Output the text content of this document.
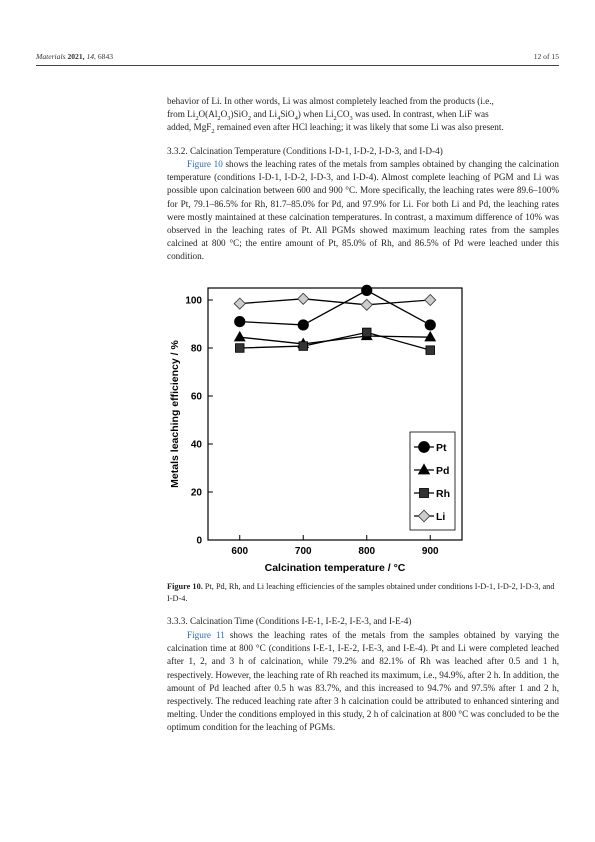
Materials 2021, 14, 6843	12 of 15

behavior of Li. In other words, Li was almost completely leached from the products (i.e.,

from $Li_2O(Al_2O_3)SiO_2$ and $Li_4SiO_4$) when $Li_2CO_3$ was used. In contrast, when LiF was

added, MgF$_2$ remained even after HCl leaching; it was likely that some Li was also present.

3.3.2. Calcination Temperature (Conditions I-D-1, I-D-2, I-D-3, and I-D-4)

Figure 10 shows the leaching rates of the metals from samples obtained by changing the calcination temperature (conditions I-D-1, I-D-2, I-D-3, and I-D-4). Almost complete leaching of PGM and Li was possible upon calcination between 600 and 900 °C. More specifically, the leaching rates were 89.6–100% for Pt, 79.1–86.5% for Rh, 81.7–85.0% for Pd, and 97.9% for Li. For both Li and Pd, the leaching rates were mostly maintained at these calcination temperatures. In contrast, a maximum difference of 10% was observed in the leaching rates of Pt. All PGMs showed maximum leaching rates from the samples calcined at 800 °C; the entire amount of Pt, 85.0% of Rh, and 86.5% of Pd were leached under this condition.

600	700	800	900
0
20
40
60
80
100
Calcination temperature / °C
Metals leaching efficiency / %	Pt
Pd
Rh
Li
Figure 10. Pt, Pd, Rh, and Li leaching efficiencies of the samples obtained under conditions I-D-1, I-D-2, I-D-3, and I-D-4.
3.3.3. Calcination Time (Conditions I-E-1, I-E-2, I-E-3, and I-E-4)

Figure 11 shows the leaching rates of the metals from the samples obtained by varying the calcination time at 800 °C (conditions I-E-1, I-E-2, I-E-3, and I-E-4). Pt and Li were completed leached after 1, 2, and 3 h of calcination, while 79.2% and 82.1% of Rh was leached after 0.5 and 1 h, respectively. However, the leaching rate of Rh reached its maximum, i.e., 94.9%, after 2 h. In addition, the amount of Pd leached after 0.5 h was 83.7%, and this increased to 94.7% and 97.5% after 1 and 2 h, respectively. The reduced leaching rate after 3 h calcination could be attributed to enhanced sintering and melting. Under the conditions employed in this study, 2 h of calcination at 800 °C was concluded to be the optimum condition for the leaching of PGMs.
